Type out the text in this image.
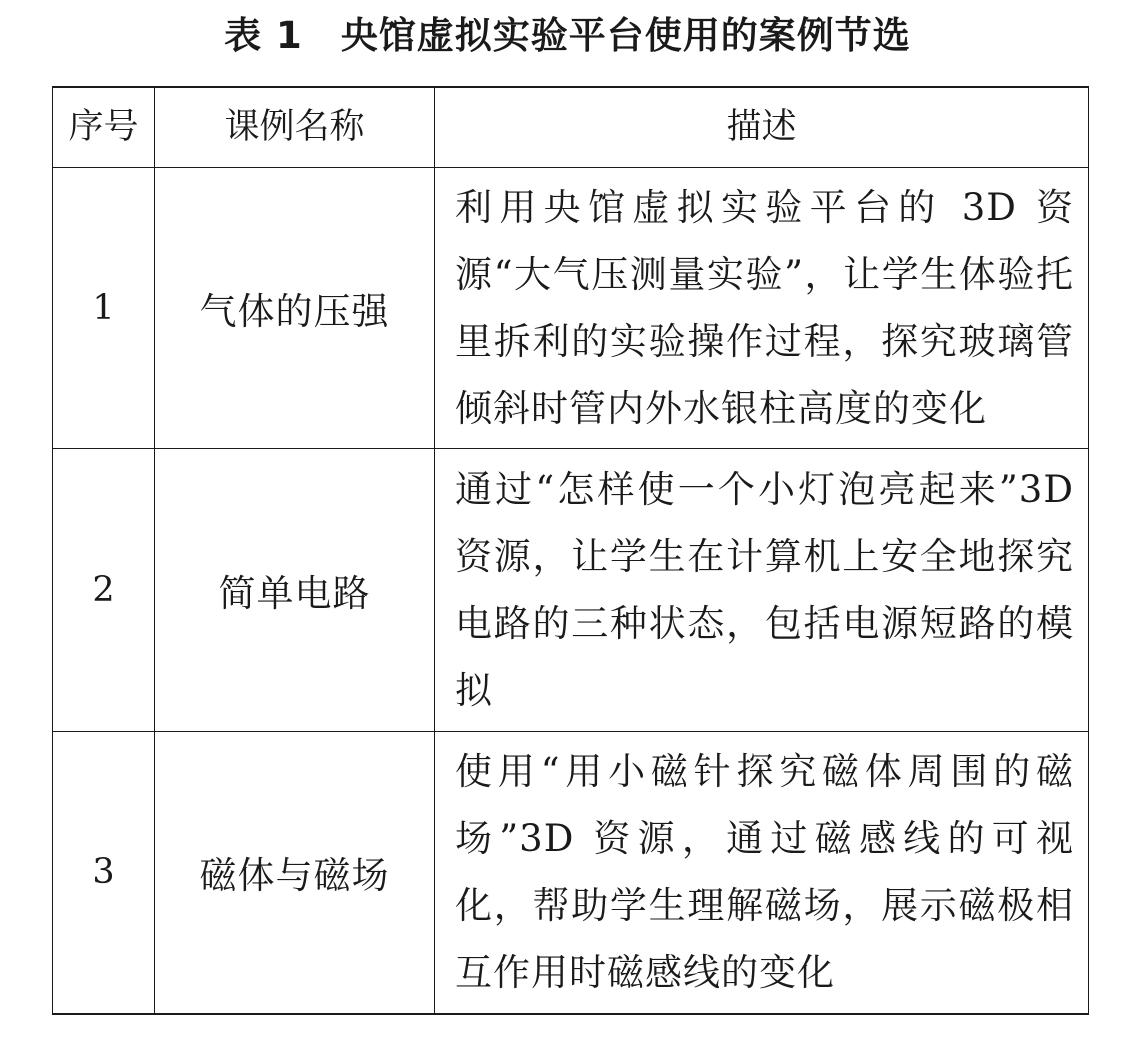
表 1 央馆虚拟实验平台使用的案例节选
序号	课例名称	描述
1	气体的压强	利用央馆虚拟实验平台的 3D 资源“大气压测量实验”，让学生体验托里拆利的实验操作过程，探究玻璃管倾斜时管内外水银柱高度的变化
2	简单电路	通过“怎样使一个小灯泡亮起来”3D 资源，让学生在计算机上安全地探究电路的三种状态，包括电源短路的模拟
3	磁体与磁场	使用“用小磁针探究磁体周围的磁场”3D 资源，通过磁感线的可视化，帮助学生理解磁场，展示磁极相互作用时磁感线的变化
